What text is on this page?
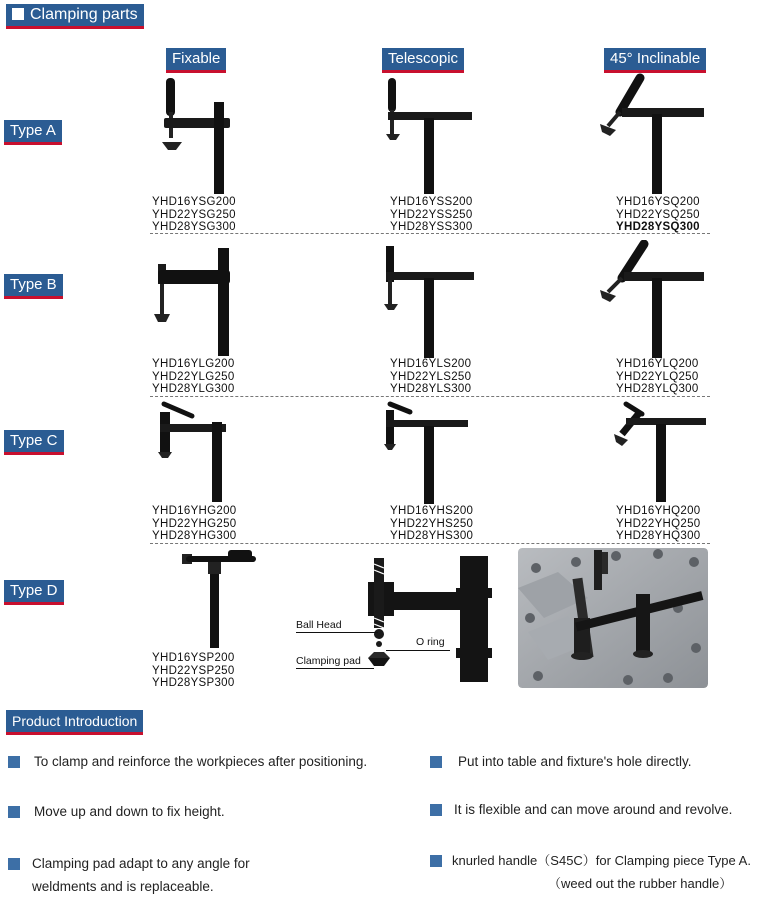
Clamping parts
Fixable	Telescopic	45° Inclinable
Type A
Type B
Type C
Type D
YHD16YSG200
YHD22YSG250
YHD28YSG300
YHD16YSS200
YHD22YSS250
YHD28YSS300
YHD16YSQ200
YHD22YSQ250
YHD28YSQ300
YHD16YLG200
YHD22YLG250
YHD28YLG300
YHD16YLS200
YHD22YLS250
YHD28YLS300
YHD16YLQ200
YHD22YLQ250
YHD28YLQ300
YHD16YHG200
YHD22YHG250
YHD28YHG300
YHD16YHS200
YHD22YHS250
YHD28YHS300
YHD16YHQ200
YHD22YHQ250
YHD28YHQ300
YHD16YSP200
YHD22YSP250
YHD28YSP300
Ball Head
O ring
Clamping pad
Product Introduction
To clamp and reinforce the workpieces after positioning.
Move up and down to fix height.
Clamping pad adapt to any angle for
weldments and is replaceable.
Put into table and fixture's hole directly.
It is flexible and can move around and revolve.
knurled handle（S45C）for Clamping piece Type A.
（weed out the rubber handle）
